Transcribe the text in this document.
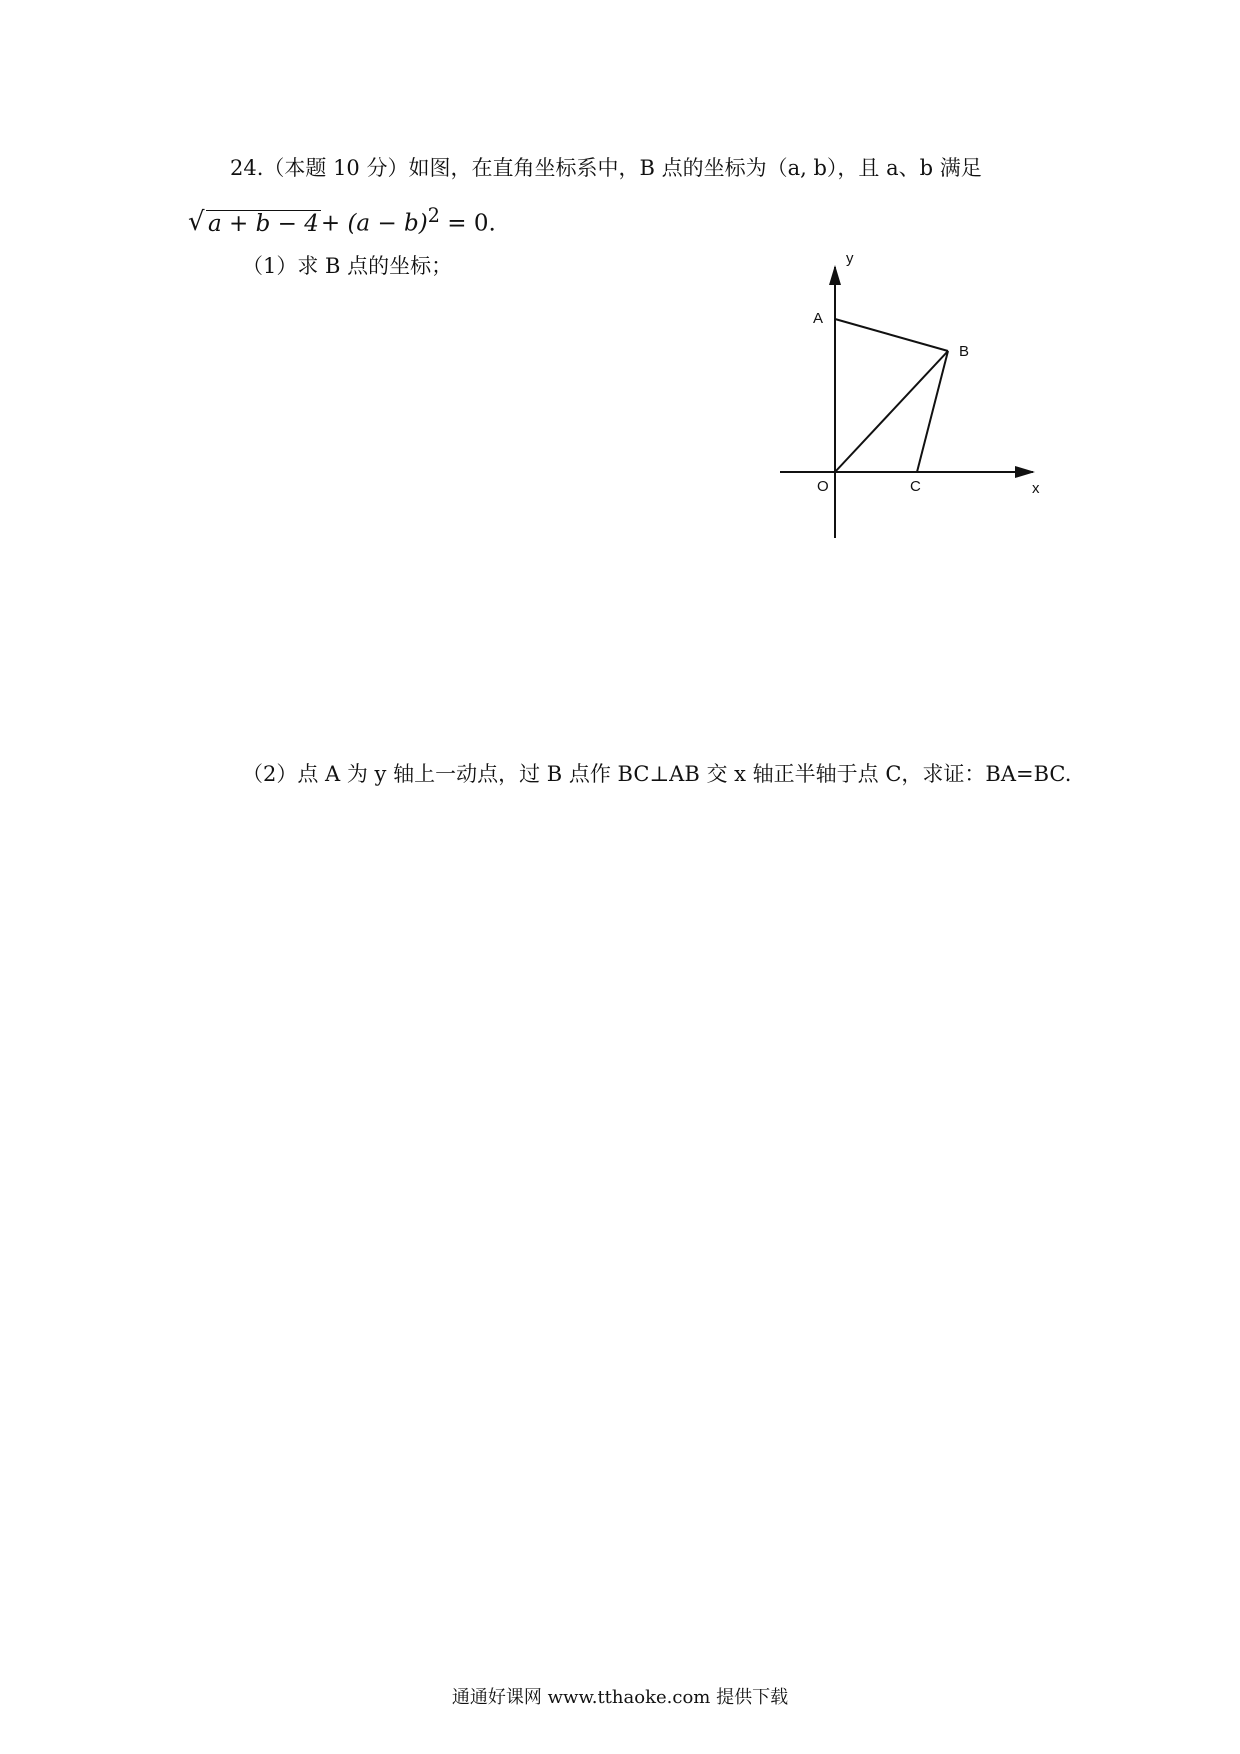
24.（本题 10 分）如图，在直角坐标系中，B 点的坐标为（a, b），且 a、b 满足
√ $a + b - 4+ (a - b)^2 = 0$.
（1）求 B 点的坐标；	y
x
A
B
O	C
（2）点 A 为 y 轴上一动点，过 B 点作 BC⊥AB 交 x 轴正半轴于点 C，求证：BA=BC.
通通好课网 www.tthaoke.com 提供下载
